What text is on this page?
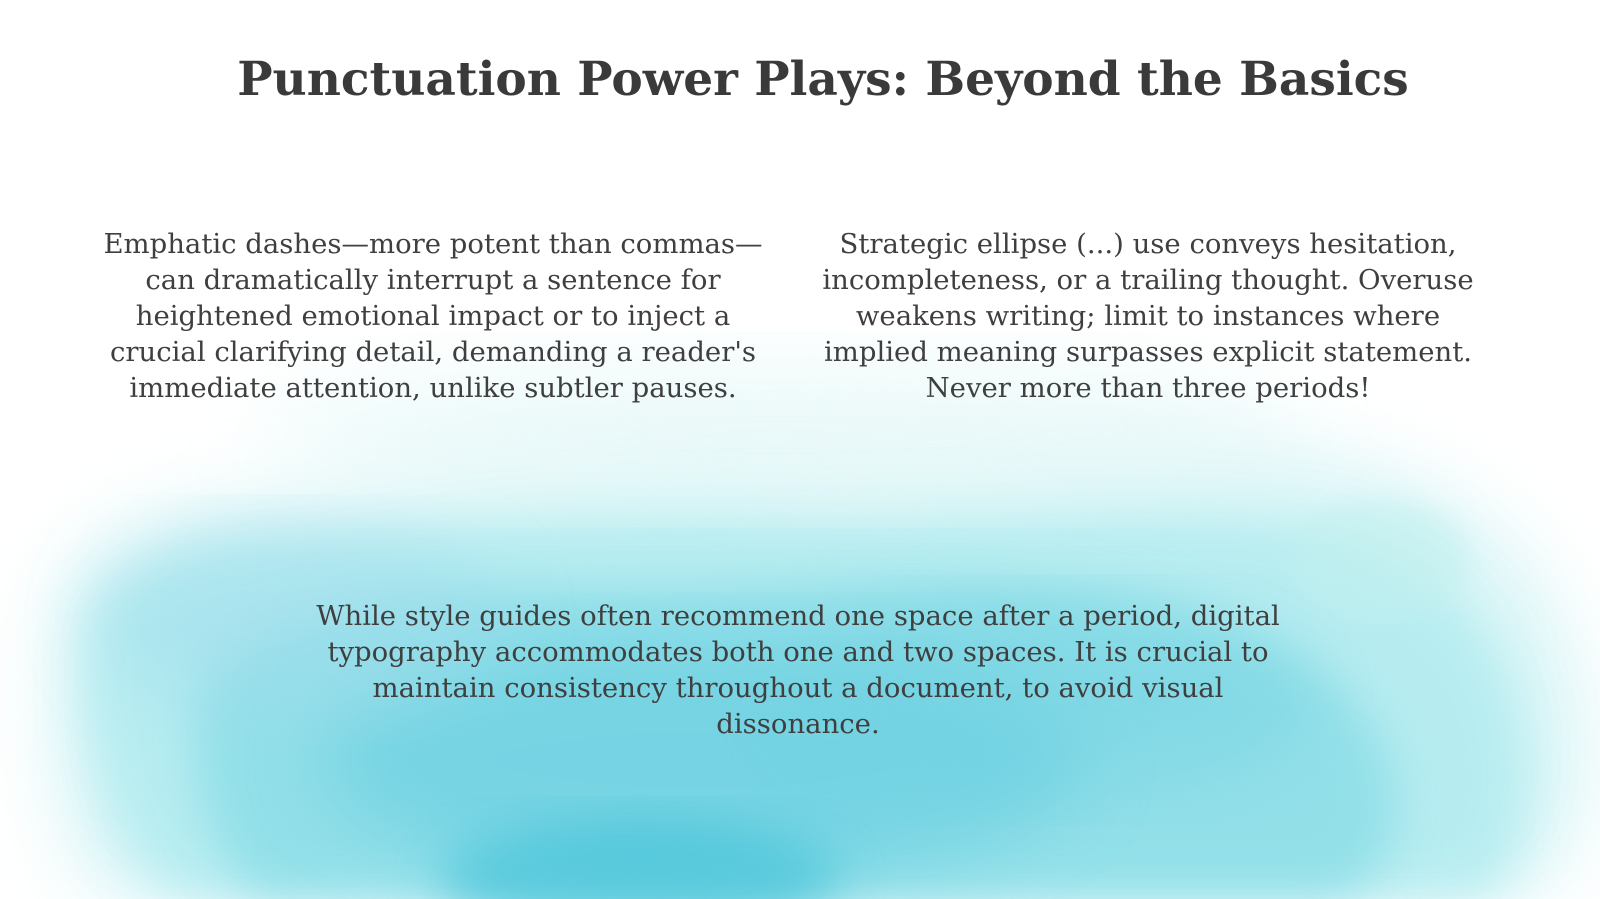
Punctuation Power Plays: Beyond the Basics

Emphatic dashes—more potent than commas—can dramatically interrupt a sentence for heightened emotional impact or to inject a crucial clarifying detail, demanding a reader's immediate attention, unlike subtler pauses.

Strategic ellipse (...) use conveys hesitation, incompleteness, or a trailing thought. Overuse weakens writing; limit to instances where implied meaning surpasses explicit statement. Never more than three periods!

While style guides often recommend one space after a period, digital typography accommodates both one and two spaces. It is crucial to maintain consistency throughout a document, to avoid visual dissonance.
